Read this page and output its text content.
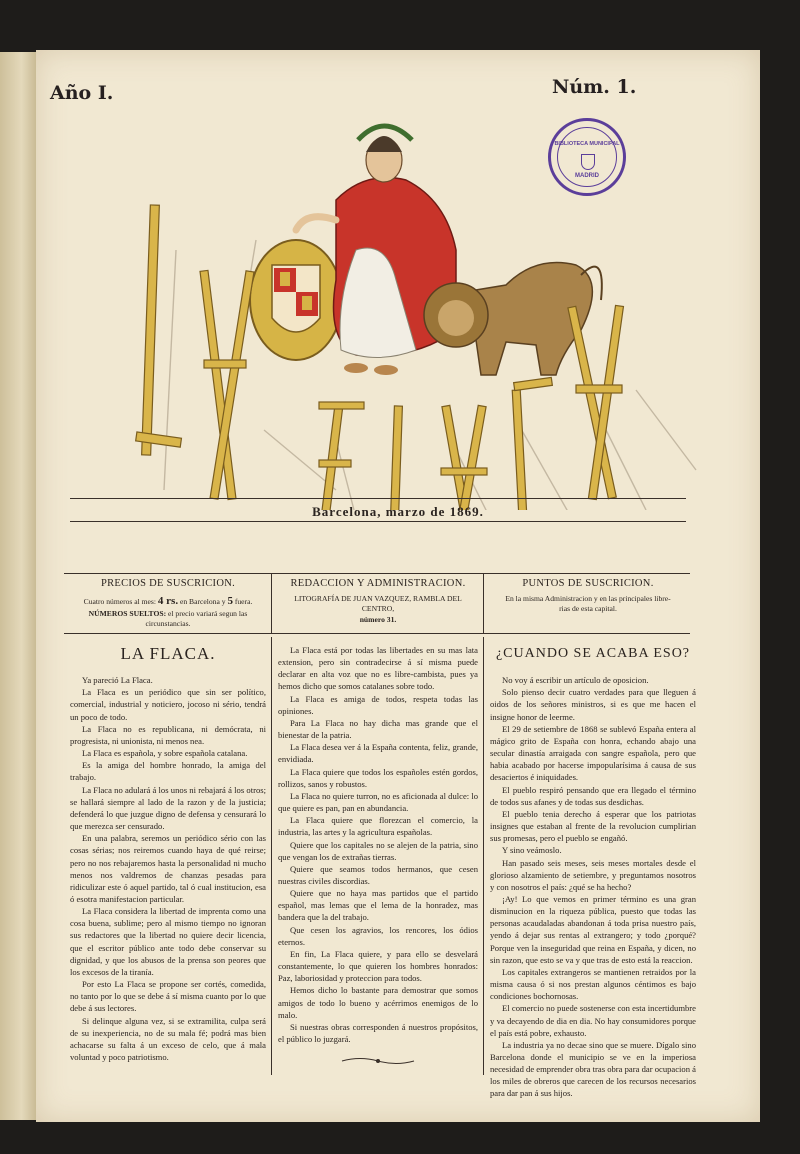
Año I.	Núm. 1.
BIBLIOTECA MUNICIPAL
MADRID
Barcelona, marzo de 1869.
PRECIOS DE SUSCRICION.
Cuatro números al mes: 4 rs. en Barcelona y 5 fuera.
NÚMEROS SUELTOS: el precio variará segun las circunstancias.
REDACCION Y ADMINISTRACION.
LITOGRAFÍA DE JUAN VAZQUEZ, RAMBLA DEL CENTRO,
número 31.
PUNTOS DE SUSCRICION.
En la misma Administracion y en las principales libre-
rias de esta capital.
LA FLACA.

Ya pareció La Flaca.

La Flaca es un periódico que sin ser político, comercial, industrial y noticiero, jocoso ni sério, tendrá un poco de todo.

La Flaca no es republicana, ni demócrata, ni progresista, ni unionista, ni menos nea.

La Flaca es española, y sobre española catalana.

Es la amiga del hombre honrado, la amiga del trabajo.

La Flaca no adulará á los unos ni rebajará á los otros; se hallará siempre al lado de la razon y de la justicia; defenderá lo que juzgue digno de defensa y censurará lo que merezca ser censurado.

En una palabra, seremos un periódico sério con las cosas sérias; nos reiremos cuando haya de qué reirse; pero no nos rebajaremos hasta la personalidad ni mucho menos nos valdremos de chanzas pesadas para ridiculizar este ó aquel partido, tal ó cual institucion, esa ó esotra manifestacion particular.

La Flaca considera la libertad de imprenta como una cosa buena, sublime; pero al mismo tiempo no ignoran sus redactores que la libertad no quiere decir licencia, que el escritor público ante todo debe conservar su dignidad, y que los abusos de la prensa son peores que los excesos de la tiranía.

Por esto La Flaca se propone ser cortés, comedida, no tanto por lo que se debe á sí misma cuanto por lo que debe á sus lectores.

Si delinque alguna vez, si se extramilita, culpa será de su inexperiencia, no de su mala fé; podrá mas bien achacarse su falta á un exceso de celo, que á mala voluntad y poco patriotismo.

La Flaca está por todas las libertades en su mas lata extension, pero sin contradecirse á sí misma puede declarar en alta voz que no es libre-cambista, pues ya hemos dicho que somos catalanes sobre todo.

La Flaca es amiga de todos, respeta todas las opiniones.

Para La Flaca no hay dicha mas grande que el bienestar de la patria.

La Flaca desea ver á la España contenta, feliz, grande, envidiada.

La Flaca quiere que todos los españoles estén gordos, rollizos, sanos y robustos.

La Flaca no quiere turron, no es aficionada al dulce: lo que quiere es pan, pan en abundancia.

La Flaca quiere que florezcan el comercio, la industria, las artes y la agricultura españolas.

Quiere que los capitales no se alejen de la patria, sino que vengan los de extrañas tierras.

Quiere que seamos todos hermanos, que cesen nuestras civiles discordias.

Quiere que no haya mas partidos que el partido español, mas lemas que el lema de la honradez, mas bandera que la del trabajo.

Que cesen los agravios, los rencores, los ódios eternos.

En fin, La Flaca quiere, y para ello se desvelará constantemente, lo que quieren los hombres honrados: Paz, laboriosidad y proteccion para todos.

Hemos dicho lo bastante para demostrar que somos amigos de todo lo bueno y acérrimos enemigos de lo malo.

Si nuestras obras corresponden á nuestros propósitos, el público lo juzgará.

¿CUANDO SE ACABA ESO?

No voy á escribir un artículo de oposicion.

Solo pienso decir cuatro verdades para que lleguen á oidos de los señores ministros, si es que me hacen el insigne honor de leerme.

El 29 de setiembre de 1868 se sublevó España entera al mágico grito de España con honra, echando abajo una secular dinastía arraigada con sangre española, pero que habia acabado por hacerse impopularísima á causa de sus desaciertos é iniquidades.

El pueblo respiró pensando que era llegado el término de todos sus afanes y de todas sus desdichas.

El pueblo tenia derecho á esperar que los patriotas insignes que estaban al frente de la revolucion cumplirian sus promesas, pero el pueblo se engañó.

Y sino veámoslo.

Han pasado seis meses, seis meses mortales desde el glorioso alzamiento de setiembre, y preguntamos nosotros y con nosotros el país: ¿qué se ha hecho?

¡Ay! Lo que vemos en primer término es una gran disminucion en la riqueza pública, puesto que todas las personas acaudaladas abandonan á toda prisa nuestro país, yendo á dejar sus rentas al extrangero; y todo ¿porqué? Porque ven la inseguridad que reina en España, y dicen, no sin razon, que esto se va y que tras de esto está la reaccion.

Los capitales extrangeros se mantienen retraidos por la misma causa ó si nos prestan algunos céntimos es bajo condiciones bochornosas.

El comercio no puede sostenerse con esta incertidumbre y va decayendo de dia en dia. No hay consumidores porque el país está pobre, exhausto.

La industria ya no decae sino que se muere. Dígalo sino Barcelona donde el municipio se ve en la imperiosa necesidad de emprender obra tras obra para dar ocupacion á los miles de obreros que carecen de los recursos necesarios para dar pan á sus hijos.
